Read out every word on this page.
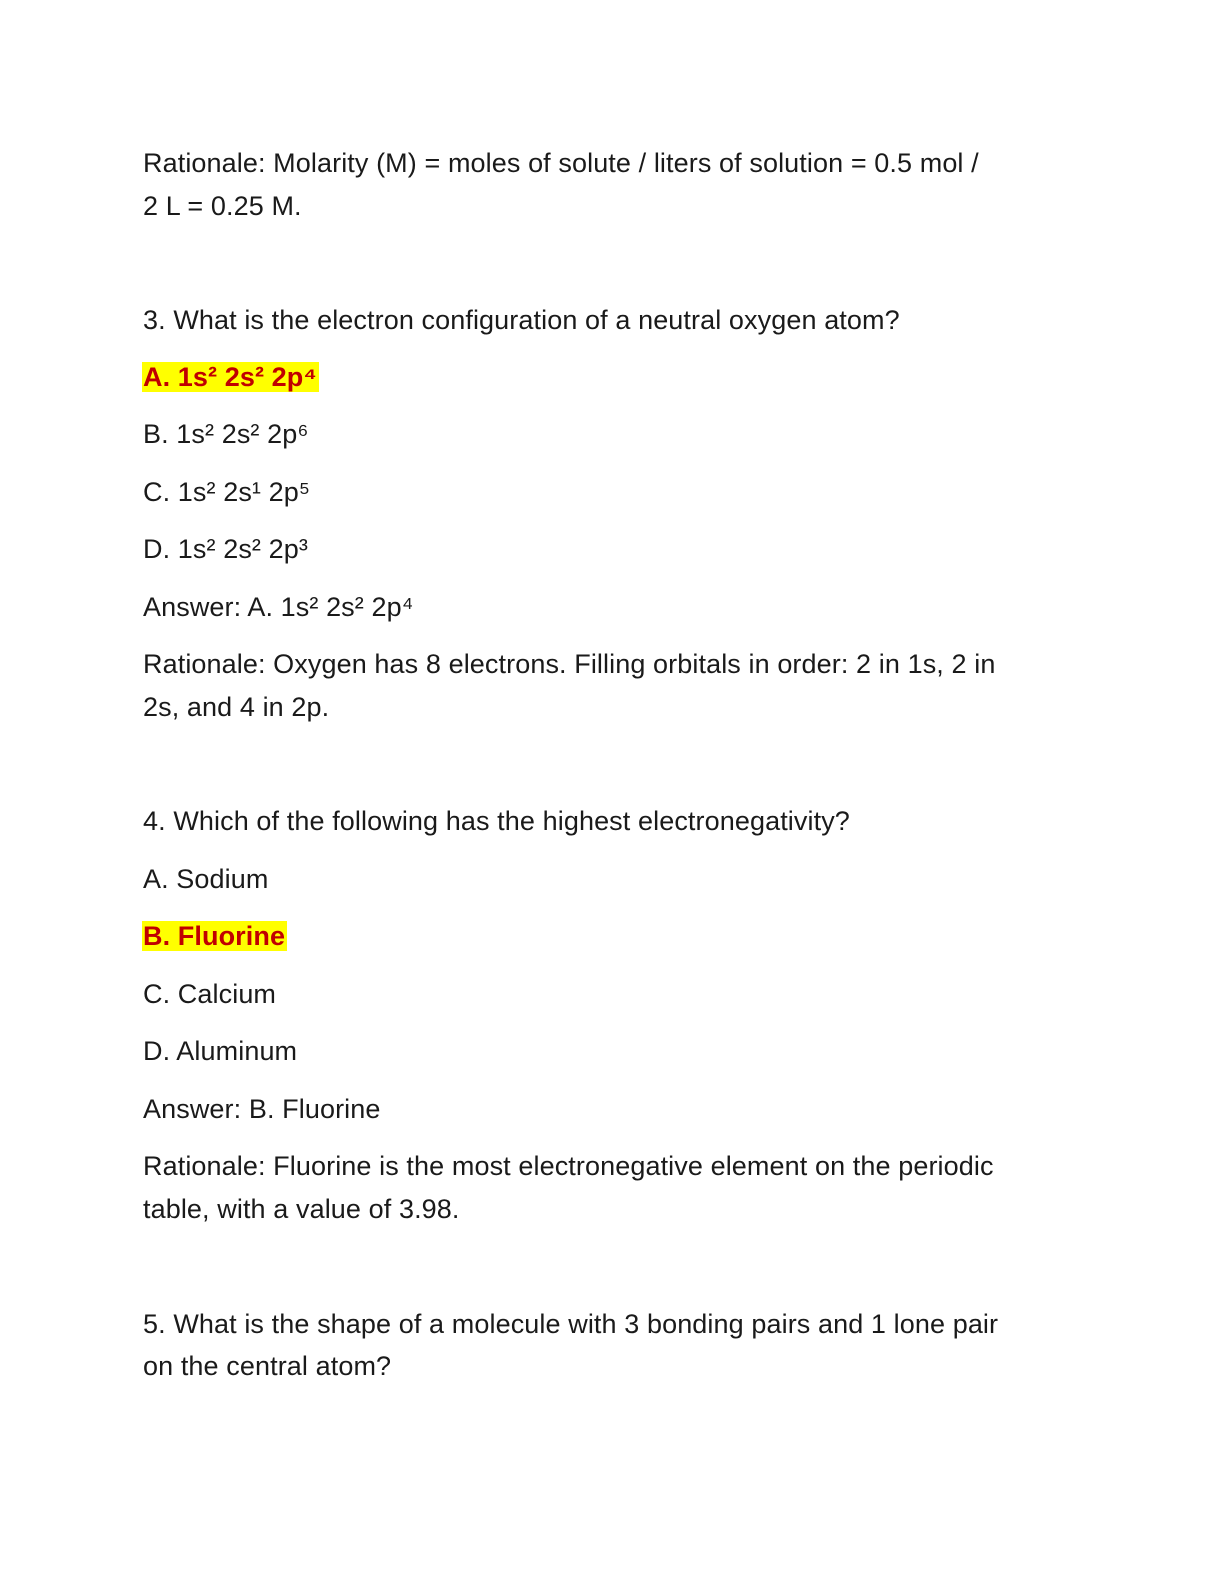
Rationale: Molarity (M) = moles of solute / liters of solution = 0.5 mol /
2 L = 0.25 M.
3. What is the electron configuration of a neutral oxygen atom?
A. 1s² 2s² 2p⁴
B. 1s² 2s² 2p⁶
C. 1s² 2s¹ 2p⁵
D. 1s² 2s² 2p³
Answer: A. 1s² 2s² 2p⁴
Rationale: Oxygen has 8 electrons. Filling orbitals in order: 2 in 1s, 2 in
2s, and 4 in 2p.
4. Which of the following has the highest electronegativity?
A. Sodium
B. Fluorine
C. Calcium
D. Aluminum
Answer: B. Fluorine
Rationale: Fluorine is the most electronegative element on the periodic
table, with a value of 3.98.
5. What is the shape of a molecule with 3 bonding pairs and 1 lone pair
on the central atom?
